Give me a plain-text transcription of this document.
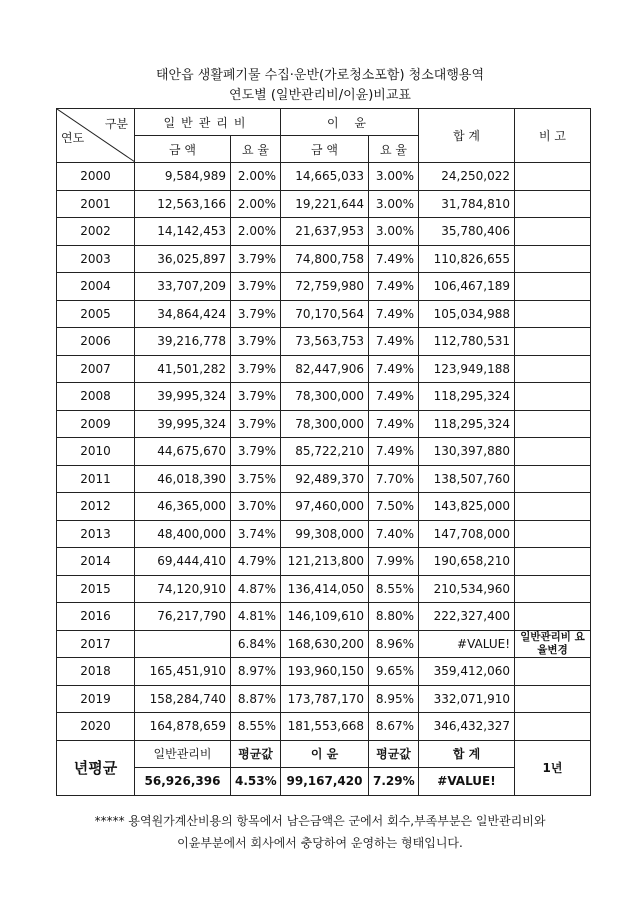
태안읍 생활폐기물 수집·운반(가로청소포함) 청소대행용역
연도별 (일반관리비/이윤)비교표
구분
연도	일반관리비		이 윤		합 계	비 고
	금 액	요 율	금 액	요 율		
2000	9,584,989	2.00%	14,665,033	3.00%	24,250,022	
2001	12,563,166	2.00%	19,221,644	3.00%	31,784,810	
2002	14,142,453	2.00%	21,637,953	3.00%	35,780,406	
2003	36,025,897	3.79%	74,800,758	7.49%	110,826,655	
2004	33,707,209	3.79%	72,759,980	7.49%	106,467,189	
2005	34,864,424	3.79%	70,170,564	7.49%	105,034,988	
2006	39,216,778	3.79%	73,563,753	7.49%	112,780,531	
2007	41,501,282	3.79%	82,447,906	7.49%	123,949,188	
2008	39,995,324	3.79%	78,300,000	7.49%	118,295,324	
2009	39,995,324	3.79%	78,300,000	7.49%	118,295,324	
2010	44,675,670	3.79%	85,722,210	7.49%	130,397,880	
2011	46,018,390	3.75%	92,489,370	7.70%	138,507,760	
2012	46,365,000	3.70%	97,460,000	7.50%	143,825,000	
2013	48,400,000	3.74%	99,308,000	7.40%	147,708,000	
2014	69,444,410	4.79%	121,213,800	7.99%	190,658,210	
2015	74,120,910	4.87%	136,414,050	8.55%	210,534,960	
2016	76,217,790	4.81%	146,109,610	8.80%	222,327,400	
2017		6.84%	168,630,200	8.96%	#VALUE!	일반관리비 요율변경
2018	165,451,910	8.97%	193,960,150	9.65%	359,412,060	
2019	158,284,740	8.87%	173,787,170	8.95%	332,071,910	
2020	164,878,659	8.55%	181,553,668	8.67%	346,432,327	
년평균	일반관리비	평균값	이 윤	평균값	합 계	1년
	56,926,396	4.53%	99,167,420	7.29%	#VALUE!	
***** 용역원가계산비용의 항목에서 남은금액은 군에서 회수,부족부분은 일반관리비와
이윤부분에서 회사에서 충당하여 운영하는 형태입니다.
